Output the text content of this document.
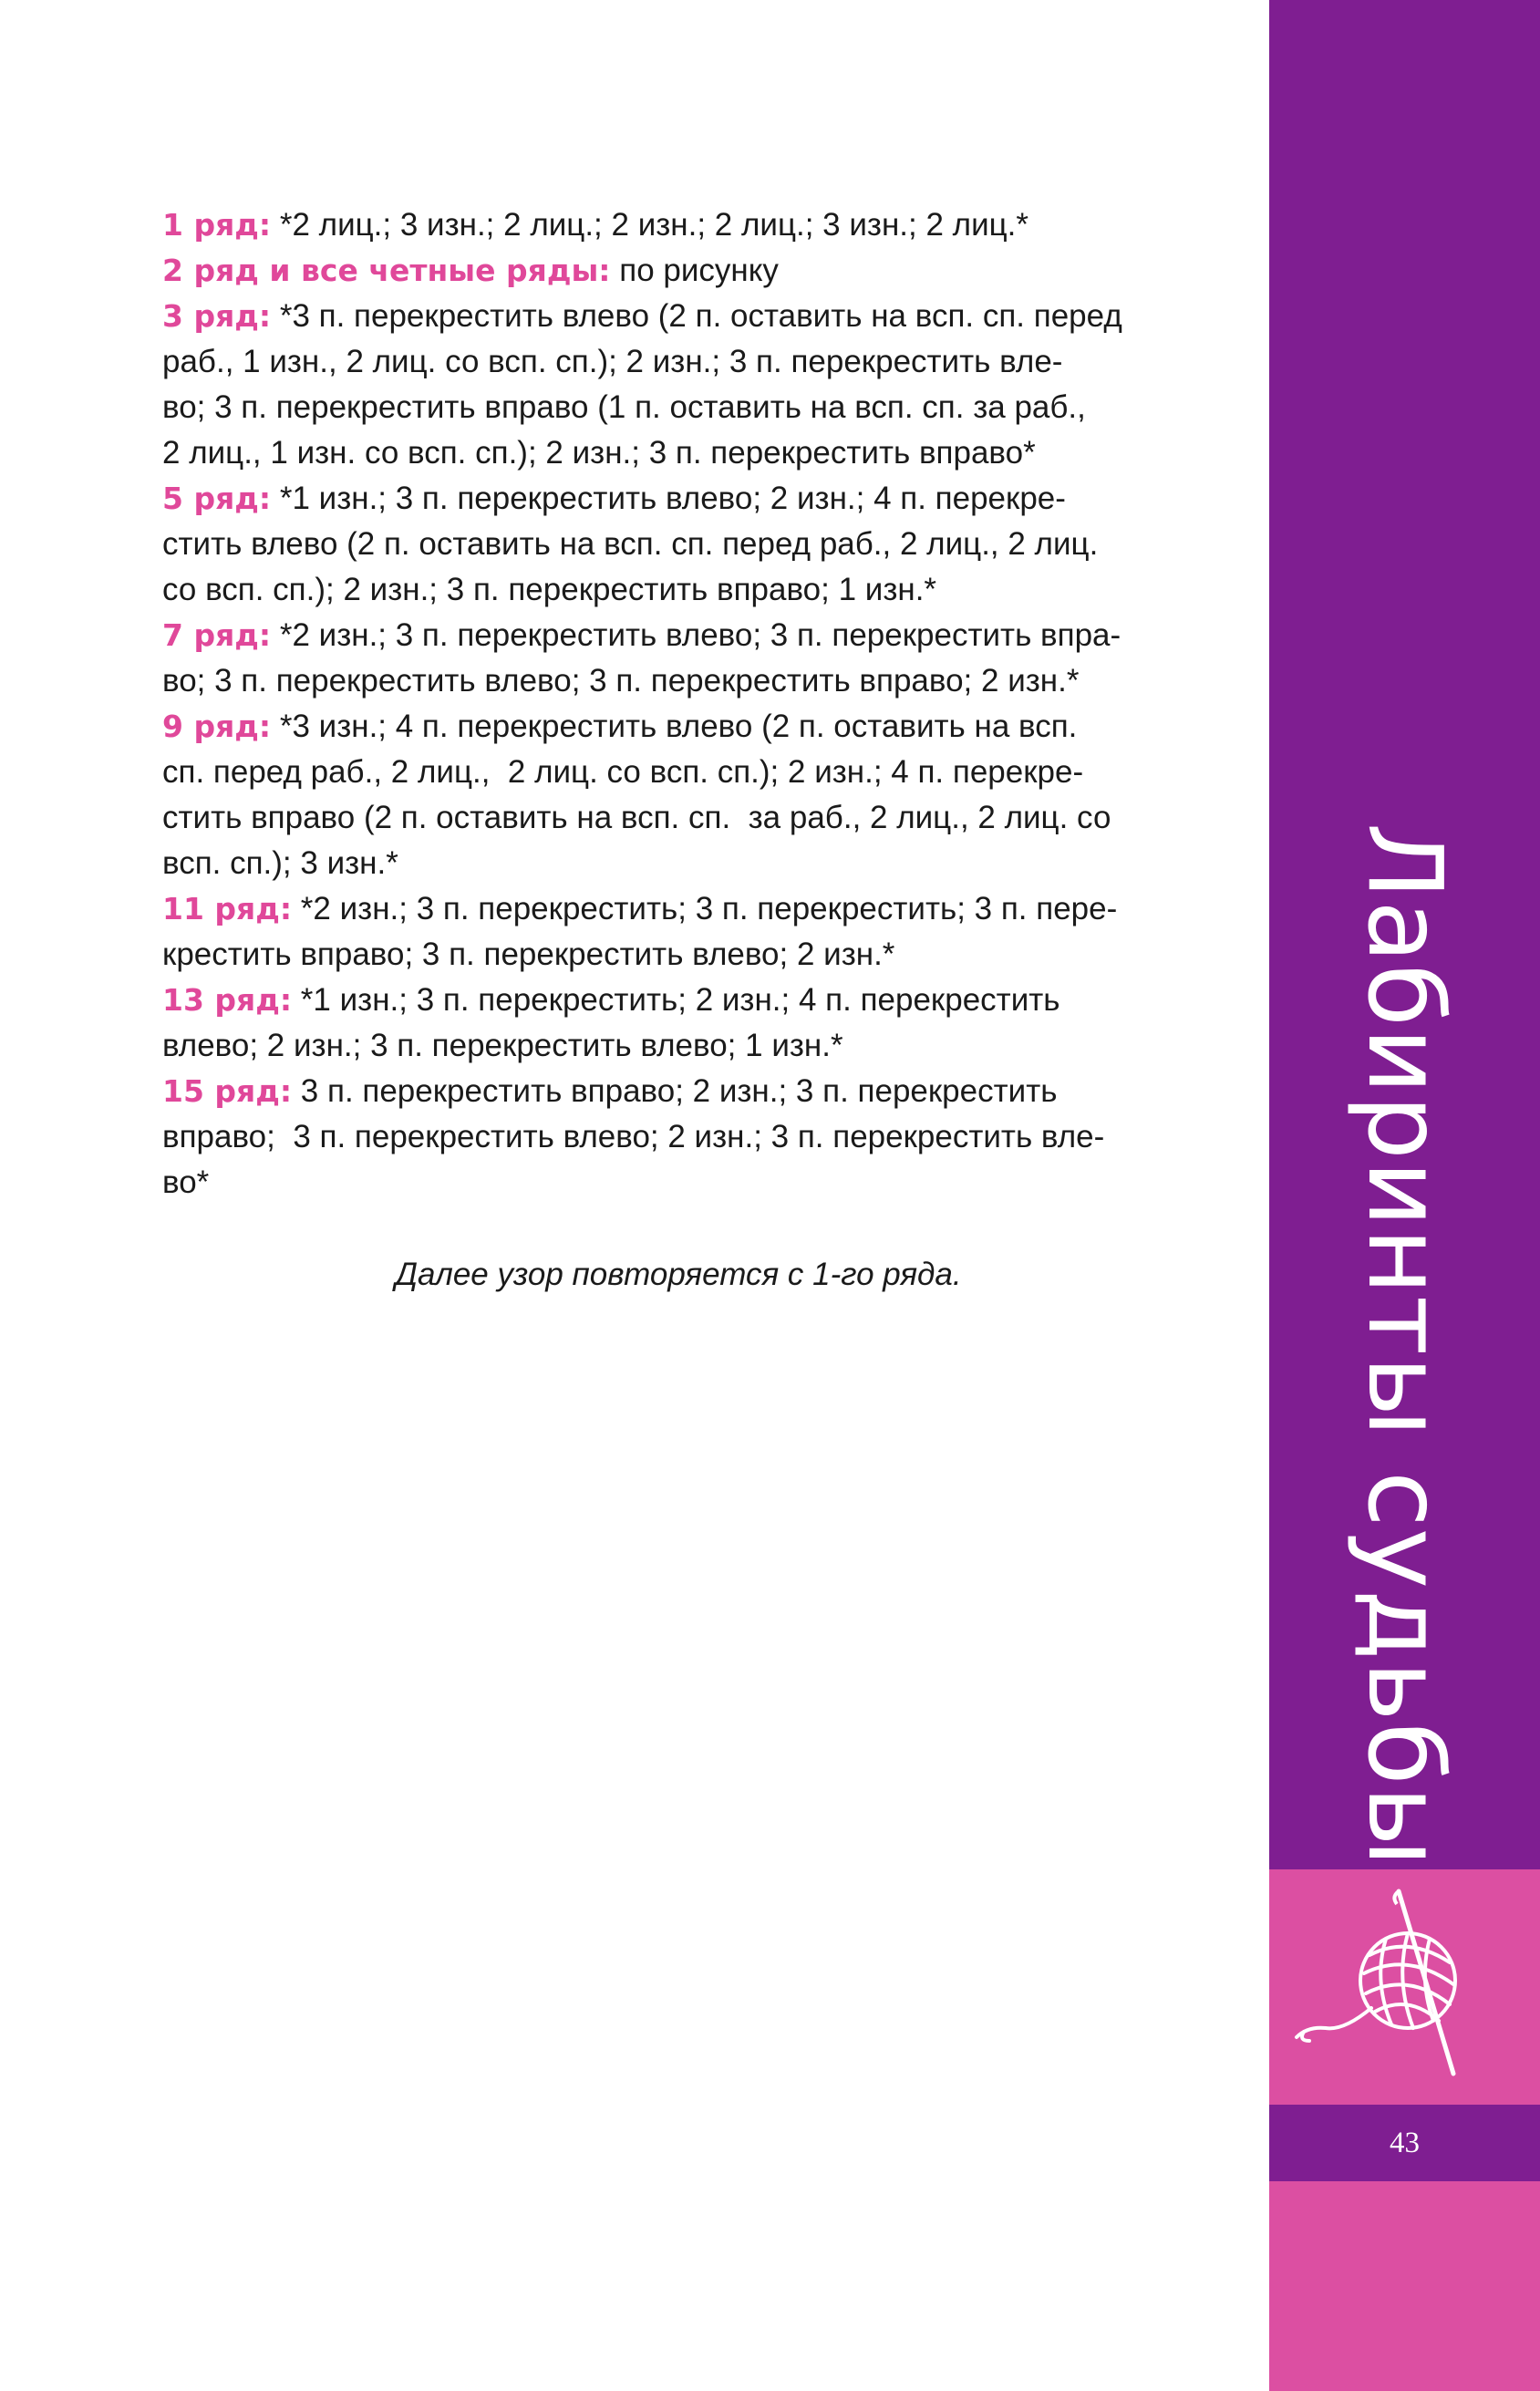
1 ряд: *2 лиц.; 3 изн.; 2 лиц.; 2 изн.; 2 лиц.; 3 изн.; 2 лиц.*
2 ряд и все четные ряды: по рисунку
3 ряд: *3 п. перекрестить влево (2 п. оставить на всп. сп. перед
раб., 1 изн., 2 лиц. со всп. сп.); 2 изн.; 3 п. перекрестить вле-
во; 3 п. перекрестить вправо (1 п. оставить на всп. сп. за раб.,
2 лиц., 1 изн. со всп. сп.); 2 изн.; 3 п. перекрестить вправо*
5 ряд: *1 изн.; 3 п. перекрестить влево; 2 изн.; 4 п. перекре-
стить влево (2 п. оставить на всп. сп. перед раб., 2 лиц., 2 лиц.
со всп. сп.); 2 изн.; 3 п. перекрестить вправо; 1 изн.*
7 ряд: *2 изн.; 3 п. перекрестить влево; 3 п. перекрестить впра-
во; 3 п. перекрестить влево; 3 п. перекрестить вправо; 2 изн.*
9 ряд: *3 изн.; 4 п. перекрестить влево (2 п. оставить на всп.
сп. перед раб., 2 лиц.,  2 лиц. со всп. сп.); 2 изн.; 4 п. перекре-
стить вправо (2 п. оставить на всп. сп.  за раб., 2 лиц., 2 лиц. со
всп. сп.); 3 изн.*
11 ряд: *2 изн.; 3 п. перекрестить; 3 п. перекрестить; 3 п. пере-
крестить вправо; 3 п. перекрестить влево; 2 изн.*
13 ряд: *1 изн.; 3 п. перекрестить; 2 изн.; 4 п. перекрестить
влево; 2 изн.; 3 п. перекрестить влево; 1 изн.*
15 ряд: 3 п. перекрестить вправо; 2 изн.; 3 п. перекрестить
вправо;  3 п. перекрестить влево; 2 изн.; 3 п. перекрестить вле-
во*
Далее узор повторяется с 1-го ряда.	Лабиринты судьбы
43
